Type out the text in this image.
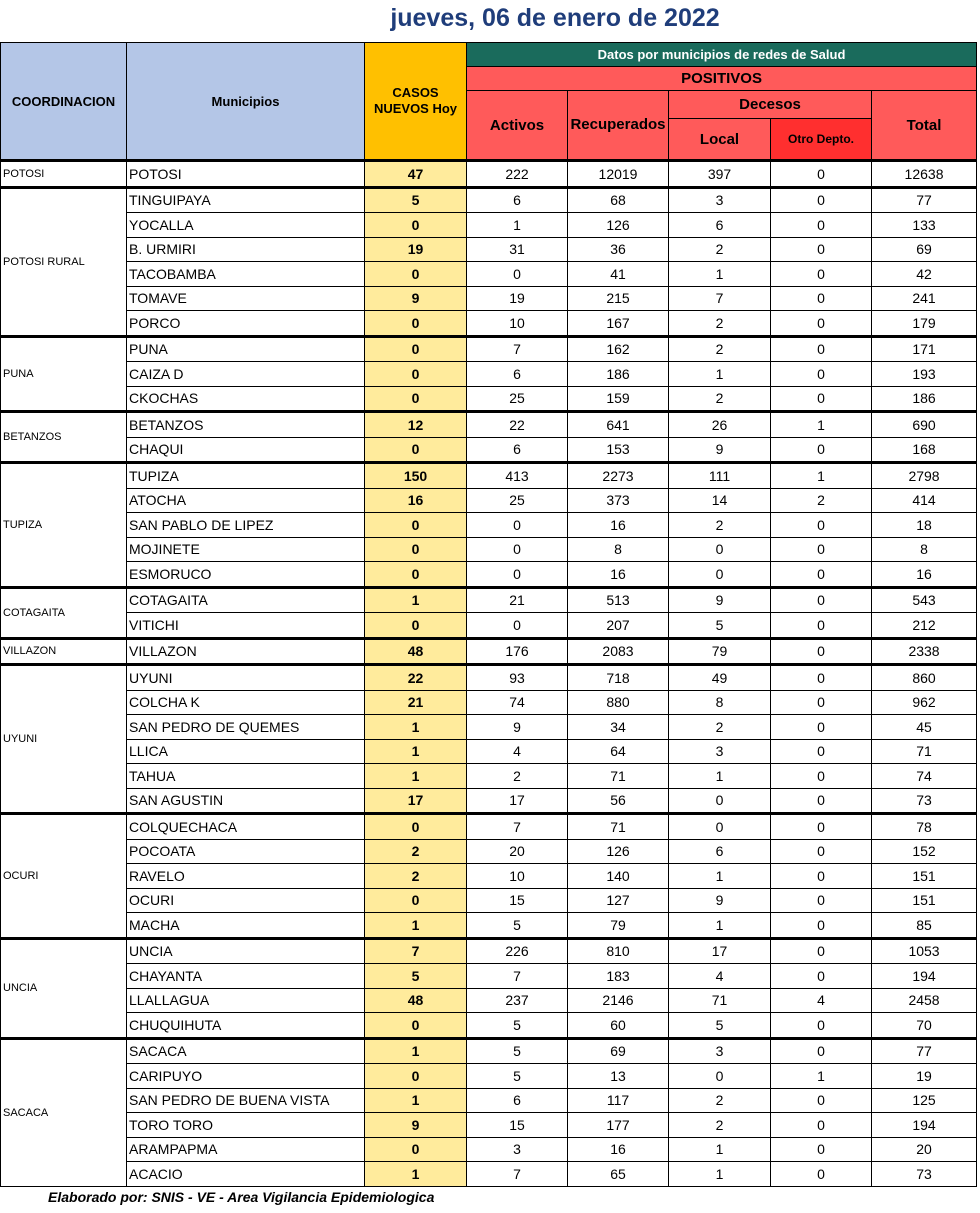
jueves, 06 de enero de 2022
COORDINACION	Municipios	CASOS NUEVOS Hoy	Datos por municipios de redes de Salud				
			POSITIVOS				
			Activos	Recuperados	Decesos		Total
					Local	Otro Depto.	

POTOSI	POTOSI	47	222	12019	397	0	12638
POTOSI RURAL	TINGUIPAYA	5	6	68	3	0	77
	YOCALLA	0	1	126	6	0	133
	B. URMIRI	19	31	36	2	0	69
	TACOBAMBA	0	0	41	1	0	42
	TOMAVE	9	19	215	7	0	241
	PORCO	0	10	167	2	0	179
PUNA	PUNA	0	7	162	2	0	171
	CAIZA D	0	6	186	1	0	193
	CKOCHAS	0	25	159	2	0	186
BETANZOS	BETANZOS	12	22	641	26	1	690
	CHAQUI	0	6	153	9	0	168
TUPIZA	TUPIZA	150	413	2273	111	1	2798
	ATOCHA	16	25	373	14	2	414
	SAN PABLO DE LIPEZ	0	0	16	2	0	18
	MOJINETE	0	0	8	0	0	8
	ESMORUCO	0	0	16	0	0	16
COTAGAITA	COTAGAITA	1	21	513	9	0	543
	VITICHI	0	0	207	5	0	212
VILLAZON	VILLAZON	48	176	2083	79	0	2338
UYUNI	UYUNI	22	93	718	49	0	860
	COLCHA K	21	74	880	8	0	962
	SAN PEDRO DE QUEMES	1	9	34	2	0	45
	LLICA	1	4	64	3	0	71
	TAHUA	1	2	71	1	0	74
	SAN AGUSTIN	17	17	56	0	0	73
OCURI	COLQUECHACA	0	7	71	0	0	78
	POCOATA	2	20	126	6	0	152
	RAVELO	2	10	140	1	0	151
	OCURI	0	15	127	9	0	151
	MACHA	1	5	79	1	0	85
UNCIA	UNCIA	7	226	810	17	0	1053
	CHAYANTA	5	7	183	4	0	194
	LLALLAGUA	48	237	2146	71	4	2458
	CHUQUIHUTA	0	5	60	5	0	70
SACACA	SACACA	1	5	69	3	0	77
	CARIPUYO	0	5	13	0	1	19
	SAN PEDRO DE BUENA VISTA	1	6	117	2	0	125
	TORO TORO	9	15	177	2	0	194
	ARAMPAPMA	0	3	16	1	0	20
	ACACIO	1	7	65	1	0	73
Elaborado por: SNIS - VE - Area Vigilancia Epidemiologica
